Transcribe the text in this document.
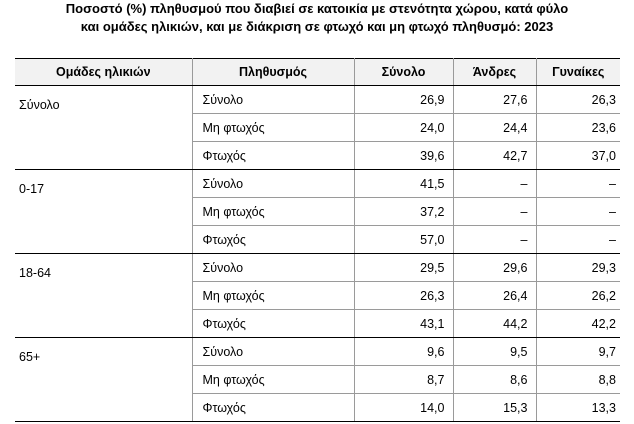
Ποσοστό (%) πληθυσμού που διαβιεί σε κατοικία με στενότητα χώρου, κατά φύλο
και ομάδες ηλικιών, και με διάκριση σε φτωχό και μη φτωχό πληθυσμό: 2023
Ομάδες ηλικιών	Πληθυσμός	Σύνολο	Άνδρες	Γυναίκες
Σύνολο	Σύνολο	26,9	27,6	26,3
	Μη φτωχός	24,0	24,4	23,6
	Φτωχός	39,6	42,7	37,0
0-17	Σύνολο	41,5	–	–
	Μη φτωχός	37,2	–	–
	Φτωχός	57,0	–	–
18-64	Σύνολο	29,5	29,6	29,3
	Μη φτωχός	26,3	26,4	26,2
	Φτωχός	43,1	44,2	42,2
65+	Σύνολο	9,6	9,5	9,7
	Μη φτωχός	8,7	8,6	8,8
	Φτωχός	14,0	15,3	13,3
